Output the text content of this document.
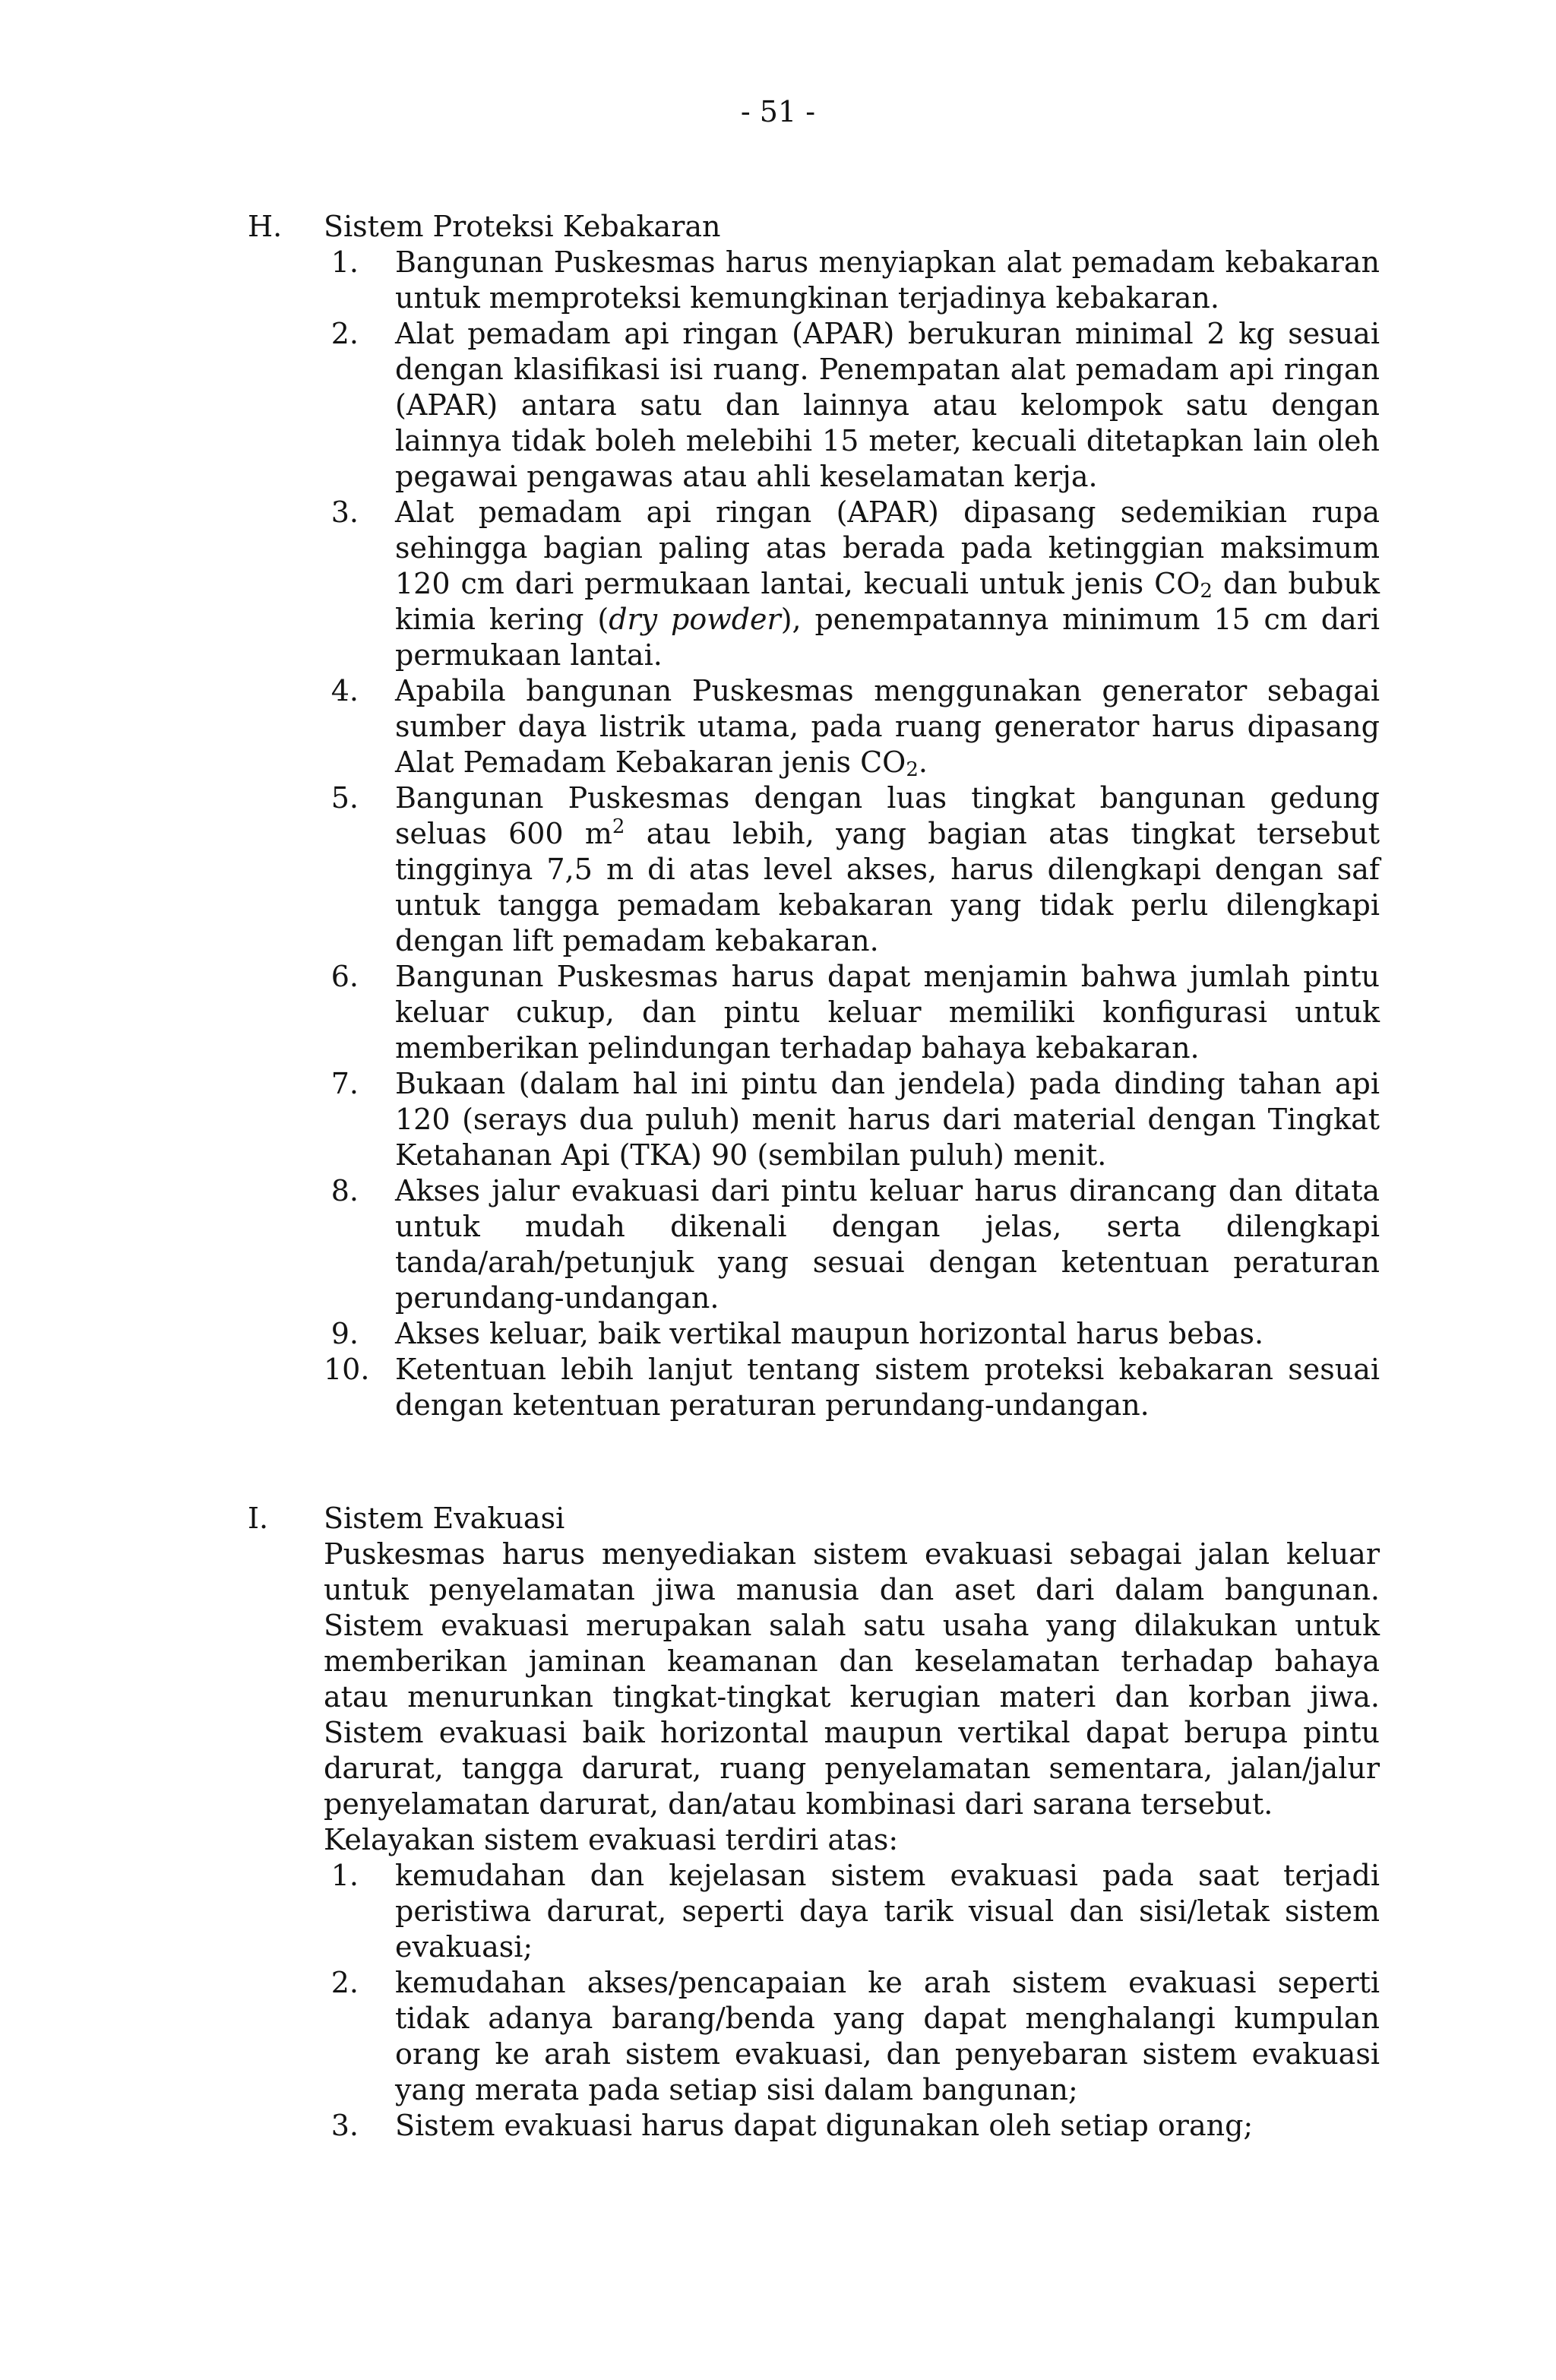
- 51 -
H. Sistem Proteksi Kebakaran
1. Bangunan Puskesmas harus menyiapkan alat pemadam kebakaran untuk memproteksi kemungkinan terjadinya kebakaran.
2. Alat pemadam api ringan (APAR) berukuran minimal 2 kg sesuai dengan klasifikasi isi ruang. Penempatan alat pemadam api ringan (APAR) antara satu dan lainnya atau kelompok satu dengan lainnya tidak boleh melebihi 15 meter, kecuali ditetapkan lain oleh pegawai pengawas atau ahli keselamatan kerja.
3. Alat pemadam api ringan (APAR) dipasang sedemikian rupa sehingga bagian paling atas berada pada ketinggian maksimum 120 cm dari permukaan lantai, kecuali untuk jenis $CO_2$ dan bubuk kimia kering (dry powder), penempatannya minimum 15 cm dari permukaan lantai.
4. Apabila bangunan Puskesmas menggunakan generator sebagai sumber daya listrik utama, pada ruang generator harus dipasang Alat Pemadam Kebakaran jenis $CO_2$.
5. Bangunan Puskesmas dengan luas tingkat bangunan gedung seluas 600 $m^2$ atau lebih, yang bagian atas tingkat tersebut tingginya 7,5 m di atas level akses, harus dilengkapi dengan saf untuk tangga pemadam kebakaran yang tidak perlu dilengkapi dengan lift pemadam kebakaran.
6. Bangunan Puskesmas harus dapat menjamin bahwa jumlah pintu keluar cukup, dan pintu keluar memiliki konfigurasi untuk memberikan pelindungan terhadap bahaya kebakaran.
7. Bukaan (dalam hal ini pintu dan jendela) pada dinding tahan api 120 (serays dua puluh) menit harus dari material dengan Tingkat Ketahanan Api (TKA) 90 (sembilan puluh) menit.
8. Akses jalur evakuasi dari pintu keluar harus dirancang dan ditata untuk mudah dikenali dengan jelas, serta dilengkapi tanda/arah/petunjuk yang sesuai dengan ketentuan peraturan perundang-undangan.
9. Akses keluar, baik vertikal maupun horizontal harus bebas.
10. Ketentuan lebih lanjut tentang sistem proteksi kebakaran sesuai dengan ketentuan peraturan perundang-undangan.
I. Sistem Evakuasi
Puskesmas harus menyediakan sistem evakuasi sebagai jalan keluar untuk penyelamatan jiwa manusia dan aset dari dalam bangunan. Sistem evakuasi merupakan salah satu usaha yang dilakukan untuk memberikan jaminan keamanan dan keselamatan terhadap bahaya atau menurunkan tingkat-tingkat kerugian materi dan korban jiwa. Sistem evakuasi baik horizontal maupun vertikal dapat berupa pintu darurat, tangga darurat, ruang penyelamatan sementara, jalan/jalur penyelamatan darurat, dan/atau kombinasi dari sarana tersebut.
Kelayakan sistem evakuasi terdiri atas:
1. kemudahan dan kejelasan sistem evakuasi pada saat terjadi peristiwa darurat, seperti daya tarik visual dan sisi/letak sistem evakuasi;
2. kemudahan akses/pencapaian ke arah sistem evakuasi seperti tidak adanya barang/benda yang dapat menghalangi kumpulan orang ke arah sistem evakuasi, dan penyebaran sistem evakuasi yang merata pada setiap sisi dalam bangunan;
3. Sistem evakuasi harus dapat digunakan oleh setiap orang;
